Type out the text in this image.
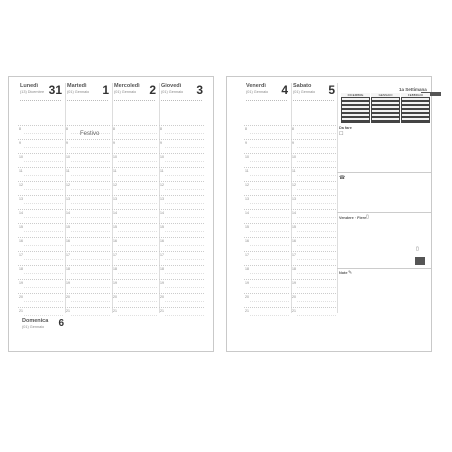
Lunedì 31
(13) Dicembre
Martedì 1
(01) Gennaio
Mercoledì 2
(01) Gennaio
Giovedì 3
(01) Gennaio
8
9
10
11
12
13
14
15
16
17
18
19
20
21
8
9
10
11
12
13
14
15
16
17
18
19
20
21
8
9
10
11
12
13
14
15
16
17
18
19
20
21
8
9
10
11
12
13
14
15
16
17
18
19
20
21
Festivo
Domenica 6
(01) Gennaio
Venerdì 4
(01) Gennaio
Sabato 5
(01) Gennaio
8
9
10
11
12
13
14
15
16
17
18
19
20
21
8
9
10
11
12
13
14
15
16
17
18
19
20
21
1a Settimana
DICEMBRE	GENNAIO	FEBBRAIO
Da fare
☐
☎
Vendere · Fiere ▯
▯
Note ✎
